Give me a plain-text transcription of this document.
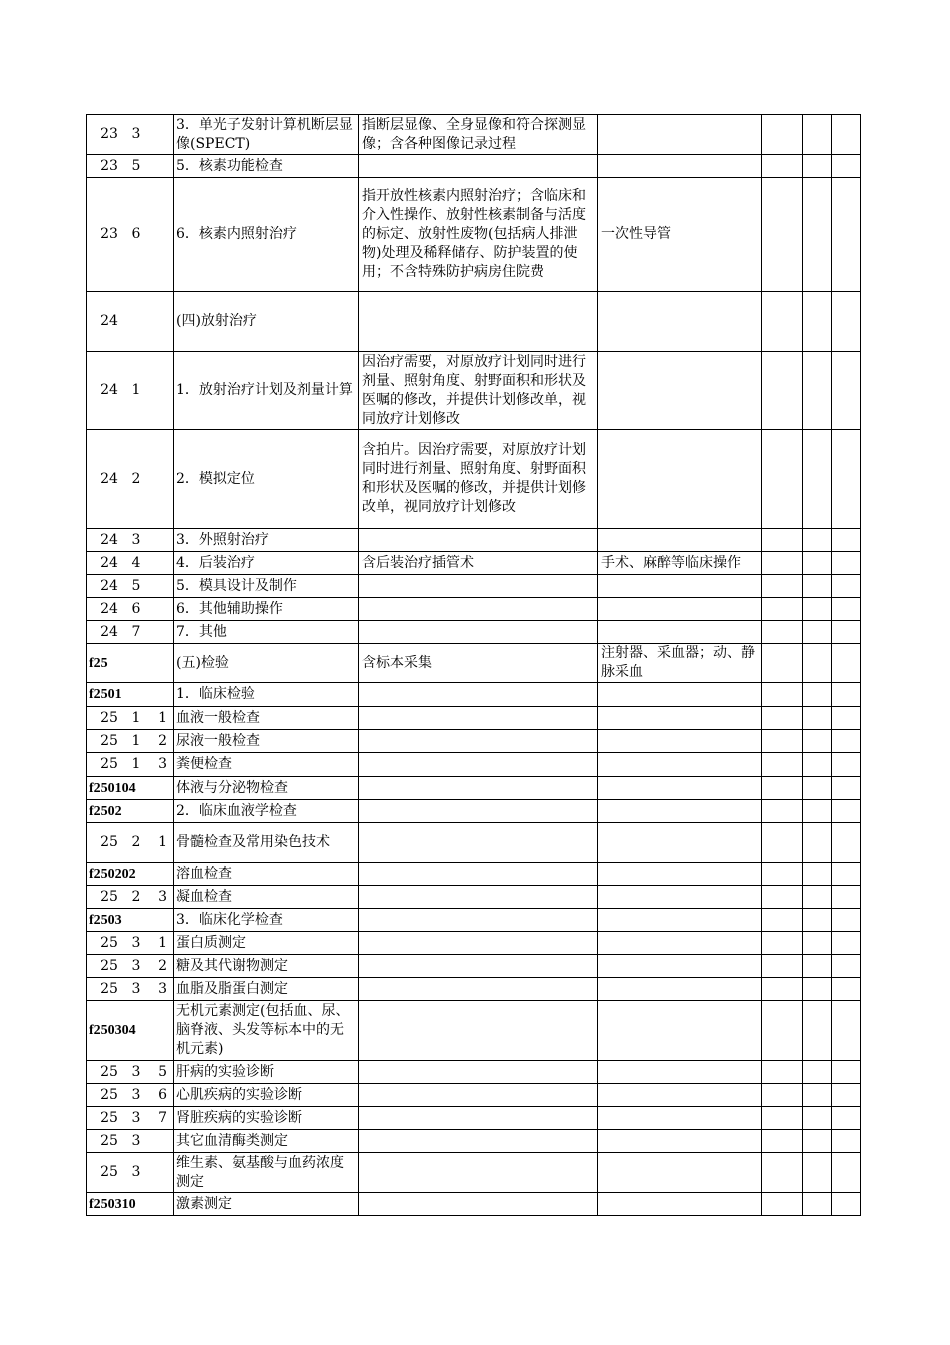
23 3	3．单光子发射计算机断层显像(SPECT)	指断层显像、全身显像和符合探测显像；含各种图像记录过程				
23 5	5．核素功能检查					
23 6	6．核素内照射治疗	指开放性核素内照射治疗；含临床和介入性操作、放射性核素制备与活度的标定、放射性废物(包括病人排泄物)处理及稀释储存、防护装置的使用；不含特殊防护病房住院费	一次性导管			
24	(四)放射治疗					
24 1	1．放射治疗计划及剂量计算	因治疗需要，对原放疗计划同时进行剂量、照射角度、射野面积和形状及医嘱的修改，并提供计划修改单，视同放疗计划修改				
24 2	2．模拟定位	含拍片。因治疗需要，对原放疗计划同时进行剂量、照射角度、射野面积和形状及医嘱的修改，并提供计划修改单，视同放疗计划修改				
24 3	3．外照射治疗					
24 4	4．后装治疗	含后装治疗插管术	手术、麻醉等临床操作			
24 5	5．模具设计及制作					
24 6	6．其他辅助操作					
24 7	7．其他					
f25	(五)检验	含标本采集	注射器、采血器；动、静脉采血			
f2501	1．临床检验					
25 1 1	血液一般检查					
25 1 2	尿液一般检查					
25 1 3	粪便检查					
f250104	体液与分泌物检查					
f2502	2．临床血液学检查					
25 2 1	骨髓检查及常用染色技术					
f250202	溶血检查					
25 2 3	凝血检查					
f2503	3．临床化学检查					
25 3 1	蛋白质测定					
25 3 2	糖及其代谢物测定					
25 3 3	血脂及脂蛋白测定					
f250304	无机元素测定(包括血、尿、脑脊液、头发等标本中的无机元素)					
25 3 5	肝病的实验诊断					
25 3 6	心肌疾病的实验诊断					
25 3 7	肾脏疾病的实验诊断					
25 3	其它血清酶类测定					
25 3	维生素、氨基酸与血药浓度测定					
f250310	激素测定					
